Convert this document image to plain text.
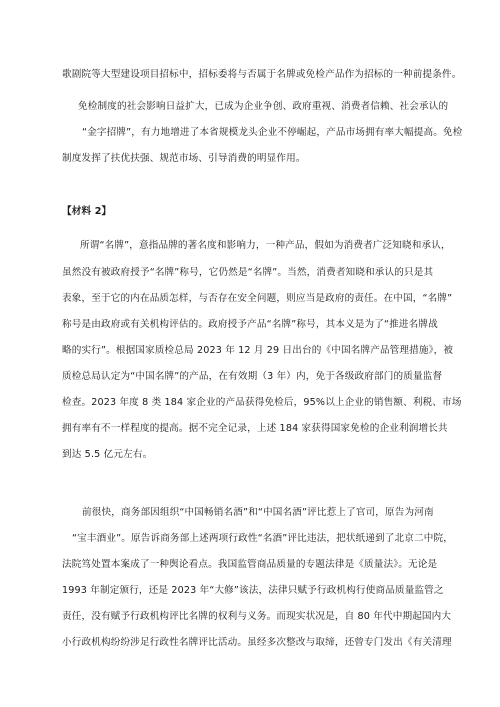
歌剧院等大型建设项目招标中，招标委将与否属于名牌或免检产品作为招标的一种前提条件。
免检制度的社会影响日益扩大，已成为企业争创、政府重视、消费者信赖、社会承认的
“金字招牌”，有力地增进了本省规模龙头企业不停崛起，产品市场拥有率大幅提高。免检
制度发挥了扶优扶强、规范市场、引导消费的明显作用。
【材料 2】
所谓“名牌”，意指品牌的著名度和影响力，一种产品，假如为消费者广泛知晓和承认，
虽然没有被政府授予“名牌”称号，它仍然是“名牌”。当然，消费者知晓和承认的只是其
表象，至于它的内在品质怎样，与否存在安全问题，则应当是政府的责任。在中国，“名牌”
称号是由政府或有关机构评估的。政府授予产品“名牌”称号，其本义是为了“推进名牌战
略的实行”。根据国家质检总局 2023 年 12 月 29 日出台的《中国名牌产品管理措施》，被
质检总局认定为“中国名牌”的产品，在有效期（3 年）内，免于各级政府部门的质量监督
检查。2023 年度 8 类 184 家企业的产品获得免检后，95%以上企业的销售额、利税、市场
拥有率有不一样程度的提高。据不完全记录，上述 184 家获得国家免检的企业利润增长共
到达 5.5 亿元左右。
前很快，商务部因组织“中国畅销名酒”和“中国名酒”评比惹上了官司，原告为河南
“宝丰酒业”。原告诉商务部上述两项行政性“名酒”评比违法，把状纸递到了北京二中院，
法院笃处置本案成了一种舆论看点。我国监管商品质量的专题法律是《质量法》。无论是
1993 年制定颁行，还是 2023 年“大修”该法，法律只赋予行政机构行使商品质量监管之
责任，没有赋予行政机构评比名牌的权利与义务。而现实状况是，自 80 年代中期起国内大
小行政机构纷纷涉足行政性名牌评比活动。虽经多次整改与取缔，还曾专门发出《有关清理
